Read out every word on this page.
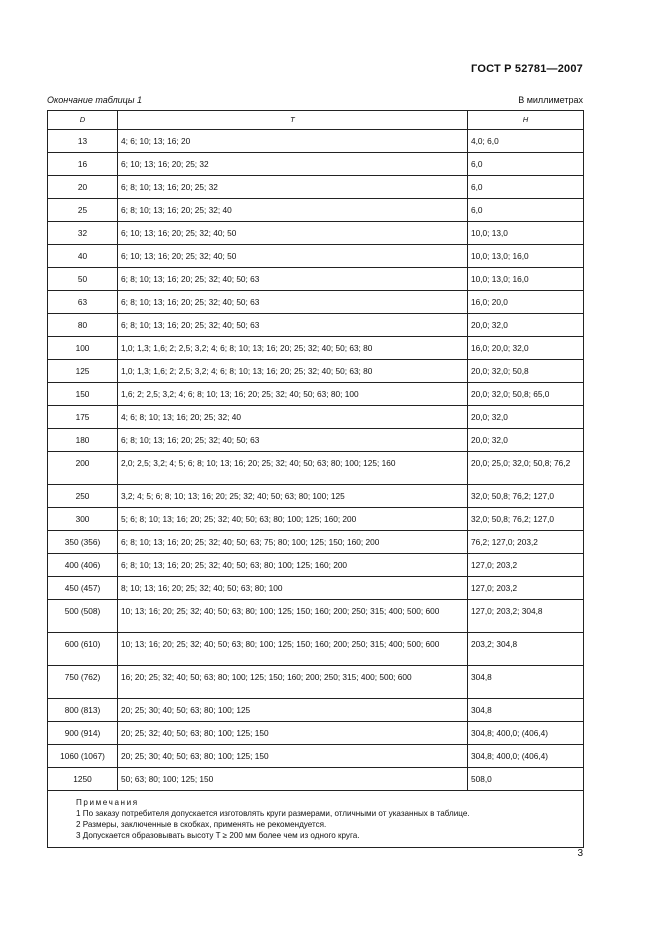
ГОСТ Р 52781—2007
Окончание таблицы 1	В миллиметрах
D	T	H
13	4; 6; 10; 13; 16; 20	4,0; 6,0
16	6; 10; 13; 16; 20; 25; 32	6,0
20	6; 8; 10; 13; 16; 20; 25; 32	6,0
25	6; 8; 10; 13; 16; 20; 25; 32; 40	6,0
32	6; 10; 13; 16; 20; 25; 32; 40; 50	10,0; 13,0
40	6; 10; 13; 16; 20; 25; 32; 40; 50	10,0; 13,0; 16,0
50	6; 8; 10; 13; 16; 20; 25; 32; 40; 50; 63	10,0; 13,0; 16,0
63	6; 8; 10; 13; 16; 20; 25; 32; 40; 50; 63	16,0; 20,0
80	6; 8; 10; 13; 16; 20; 25; 32; 40; 50; 63	20,0; 32,0
100	1,0; 1,3; 1,6; 2; 2,5; 3,2; 4; 6; 8; 10; 13; 16; 20; 25; 32; 40; 50; 63; 80	16,0; 20,0; 32,0
125	1,0; 1,3; 1,6; 2; 2,5; 3,2; 4; 6; 8; 10; 13; 16; 20; 25; 32; 40; 50; 63; 80	20,0; 32,0; 50,8
150	1,6; 2; 2,5; 3,2; 4; 6; 8; 10; 13; 16; 20; 25; 32; 40; 50; 63; 80; 100	20,0; 32,0; 50,8; 65,0
175	4; 6; 8; 10; 13; 16; 20; 25; 32; 40	20,0; 32,0
180	6; 8; 10; 13; 16; 20; 25; 32; 40; 50; 63	20,0; 32,0
200	2,0; 2,5; 3,2; 4; 5; 6; 8; 10; 13; 16; 20; 25; 32; 40; 50; 63; 80; 100; 125; 160	20,0; 25,0; 32,0; 50,8; 76,2
250	3,2; 4; 5; 6; 8; 10; 13; 16; 20; 25; 32; 40; 50; 63; 80; 100; 125	32,0; 50,8; 76,2; 127,0
300	5; 6; 8; 10; 13; 16; 20; 25; 32; 40; 50; 63; 80; 100; 125; 160; 200	32,0; 50,8; 76,2; 127,0
350 (356)	6; 8; 10; 13; 16; 20; 25; 32; 40; 50; 63; 75; 80; 100; 125; 150; 160; 200	76,2; 127,0; 203,2
400 (406)	6; 8; 10; 13; 16; 20; 25; 32; 40; 50; 63; 80; 100; 125; 160; 200	127,0; 203,2
450 (457)	8; 10; 13; 16; 20; 25; 32; 40; 50; 63; 80; 100	127,0; 203,2
500 (508)	10; 13; 16; 20; 25; 32; 40; 50; 63; 80; 100; 125; 150; 160; 200; 250; 315; 400; 500; 600	127,0; 203,2; 304,8
600 (610)	10; 13; 16; 20; 25; 32; 40; 50; 63; 80; 100; 125; 150; 160; 200; 250; 315; 400; 500; 600	203,2; 304,8
750 (762)	16; 20; 25; 32; 40; 50; 63; 80; 100; 125; 150; 160; 200; 250; 315; 400; 500; 600	304,8
800 (813)	20; 25; 30; 40; 50; 63; 80; 100; 125	304,8
900 (914)	20; 25; 32; 40; 50; 63; 80; 100; 125; 150	304,8; 400,0; (406,4)
1060 (1067)	20; 25; 30; 40; 50; 63; 80; 100; 125; 150	304,8; 400,0; (406,4)
1250	50; 63; 80; 100; 125; 150	508,0

Примечания
1 По заказу потребителя допускается изготовлять круги размерами, отличными от указанных в таблице.
2 Размеры, заключенные в скобках, применять не рекомендуется.
3 Допускается образовывать высоту T ≥ 200 мм более чем из одного круга.		
3
